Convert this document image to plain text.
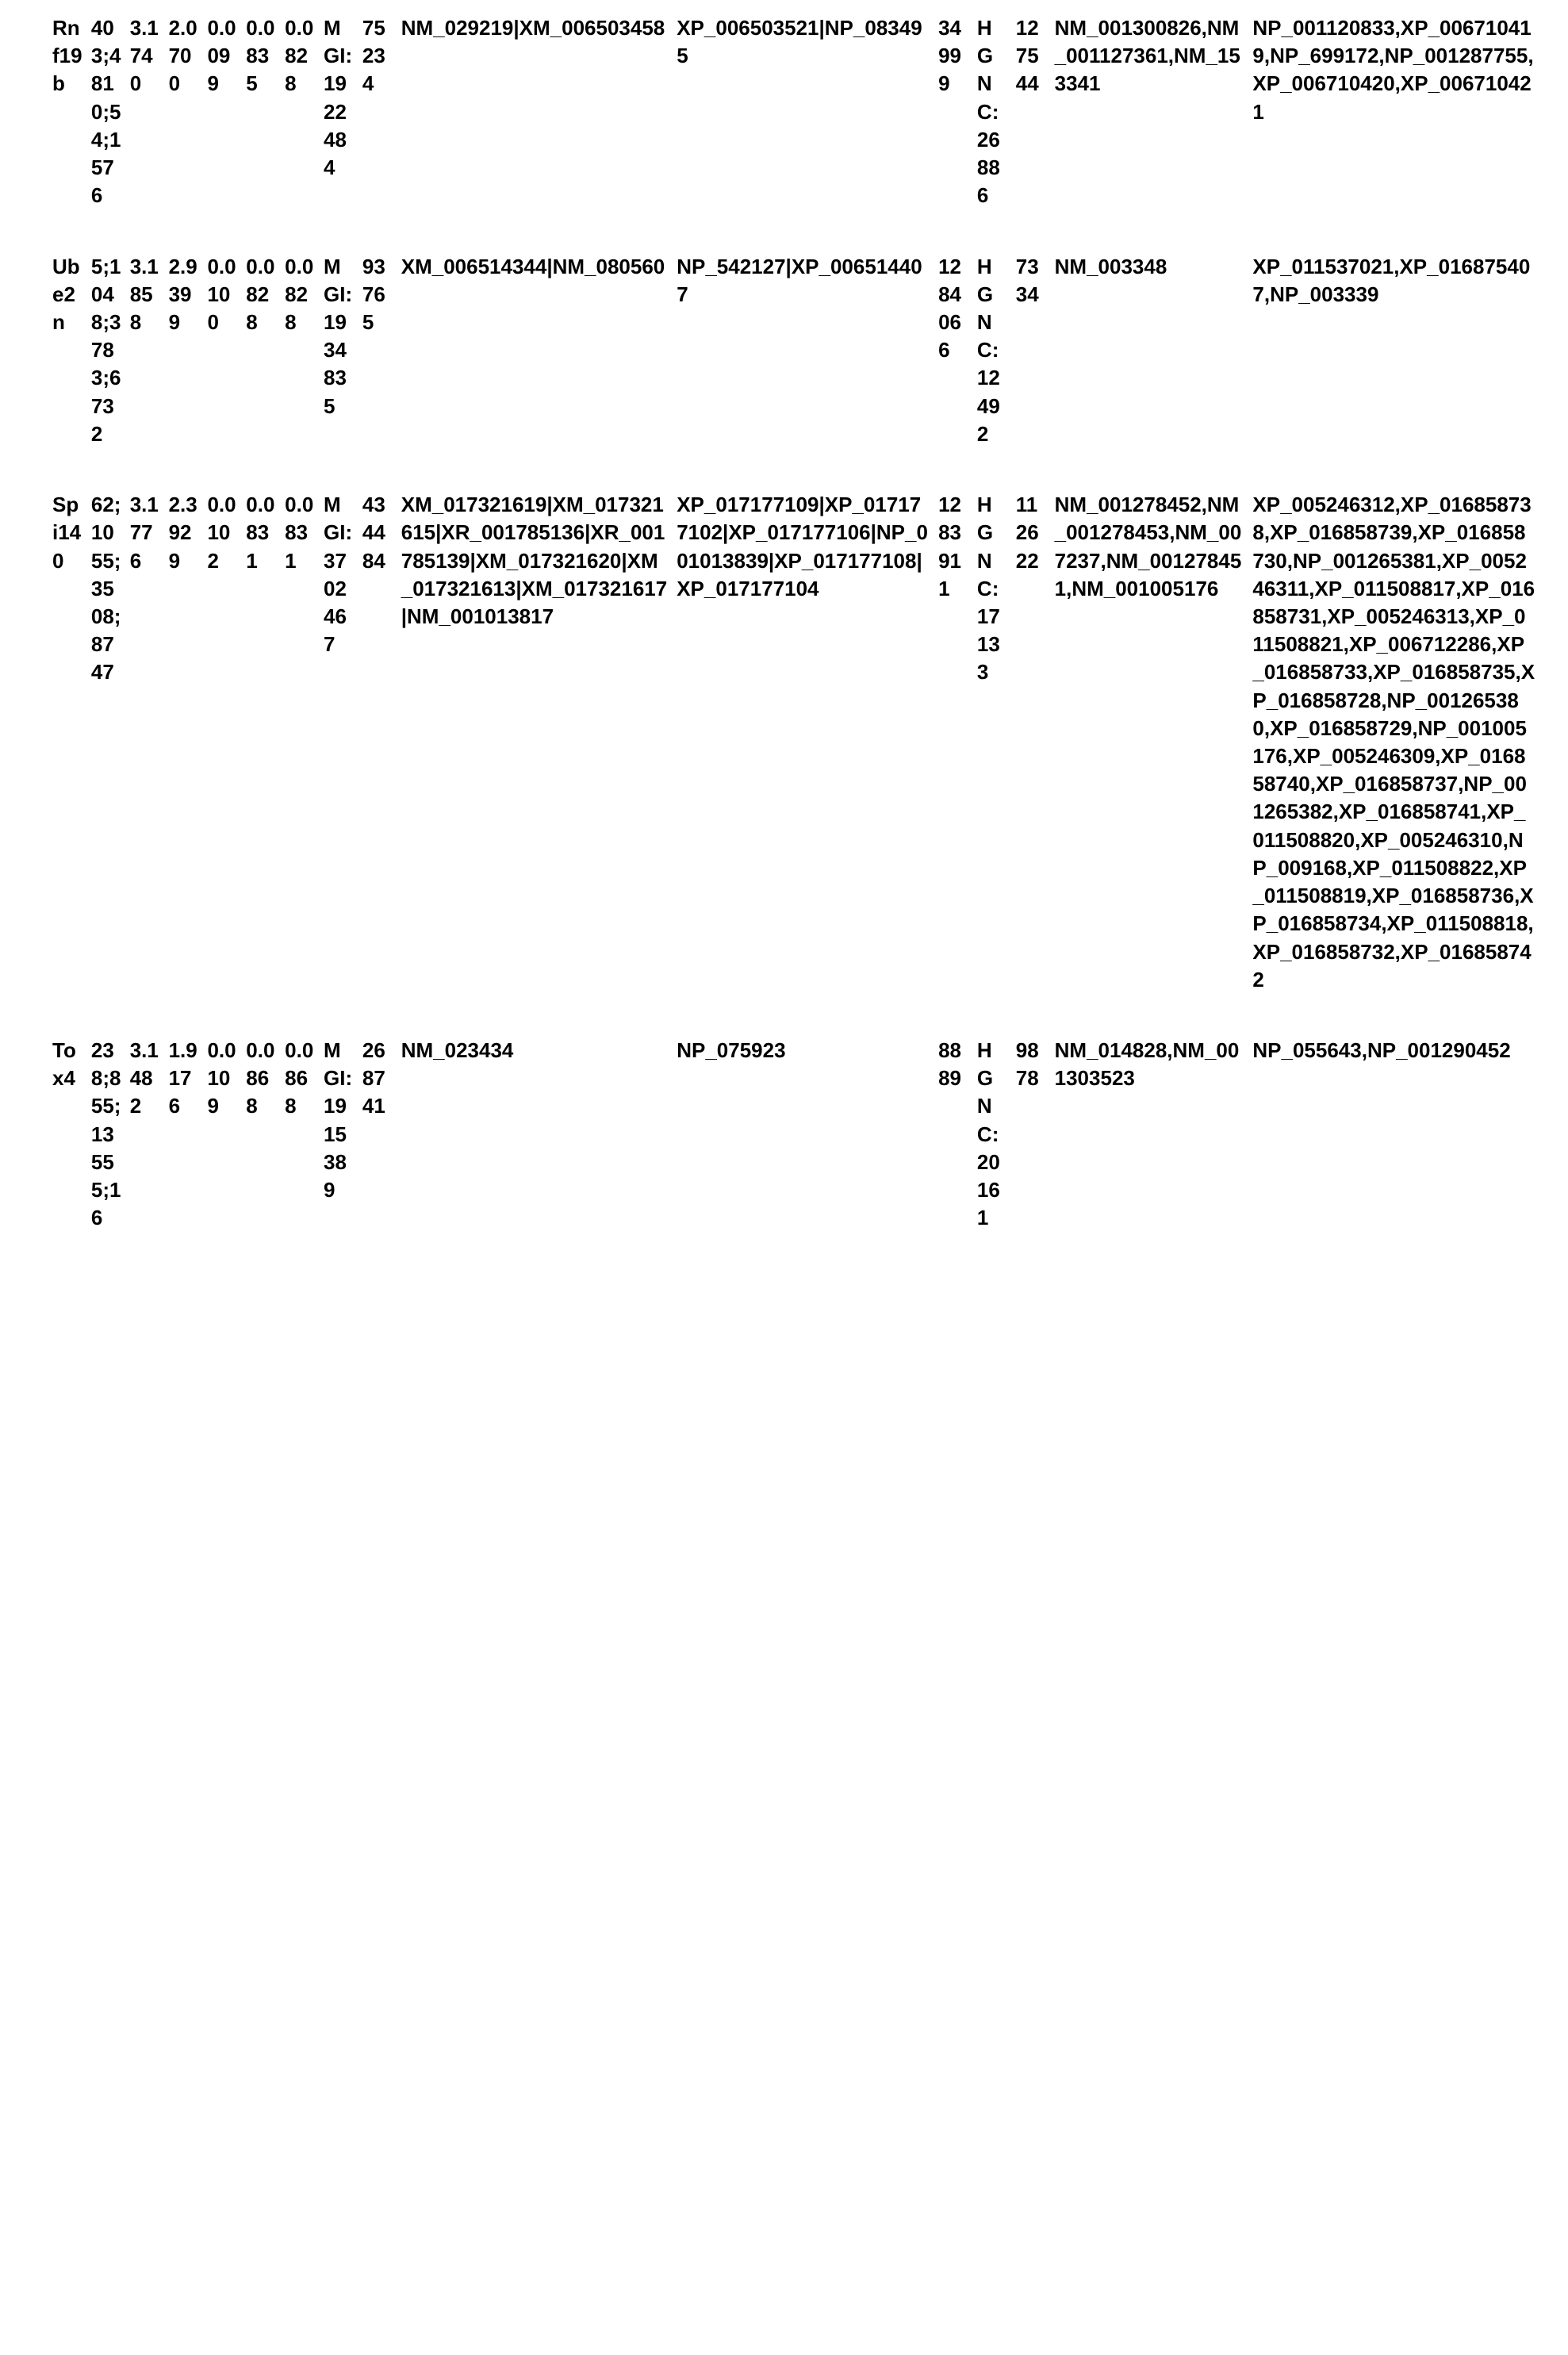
Rnf19b	403;4810;54;1576	3.1740	2.0700	0.0099	0.0835	0.0828	MGI:1922484	75234	NM_029219|XM_006503458	XP_006503521|NP_083495	34999	HGNC:26886	127544	NM_001300826,NM_001127361,NM_153341	NP_001120833,XP_006710419,NP_699172,NP_001287755,XP_006710420,XP_006710421

Ube2n	5;1048;3783;6732	3.1858	2.9399	0.0100	0.0828	0.0828	MGI:1934835	93765	XM_006514344|NM_080560	NP_542127|XP_006514407	1284066	HGNC:12492	7334	NM_003348	XP_011537021,XP_016875407,NP_003339

Spi140	62;1055;3508;8747	3.1776	2.3929	0.0102	0.0831	0.0831	MGI:3702467	434484	XM_017321619|XM_017321615|XR_001785136|XR_001785139|XM_017321620|XM_017321613|XM_017321617|NM_001013817	XP_017177109|XP_017177102|XP_017177106|NP_001013839|XP_017177108|XP_017177104	1283911	HGNC:17133	112622	NM_001278452,NM_001278453,NM_007237,NM_001278451,NM_001005176	XP_005246312,XP_016858738,XP_016858739,XP_016858730,NP_001265381,XP_005246311,XP_011508817,XP_016858731,XP_005246313,XP_011508821,XP_006712286,XP_016858733,XP_016858735,XP_016858728,NP_001265380,XP_016858729,NP_001005176,XP_005246309,XP_016858740,XP_016858737,NP_001265382,XP_016858741,XP_011508820,XP_005246310,NP_009168,XP_011508822,XP_011508819,XP_016858736,XP_016858734,XP_011508818,XP_016858732,XP_016858742

Tox4	238;855;13555;16	3.1482	1.9176	0.0109	0.0868	0.0868	MGI:1915389	268741	NM_023434	NP_075923	8889	HGNC:20161	9878	NM_014828,NM_001303523	NP_055643,NP_001290452
